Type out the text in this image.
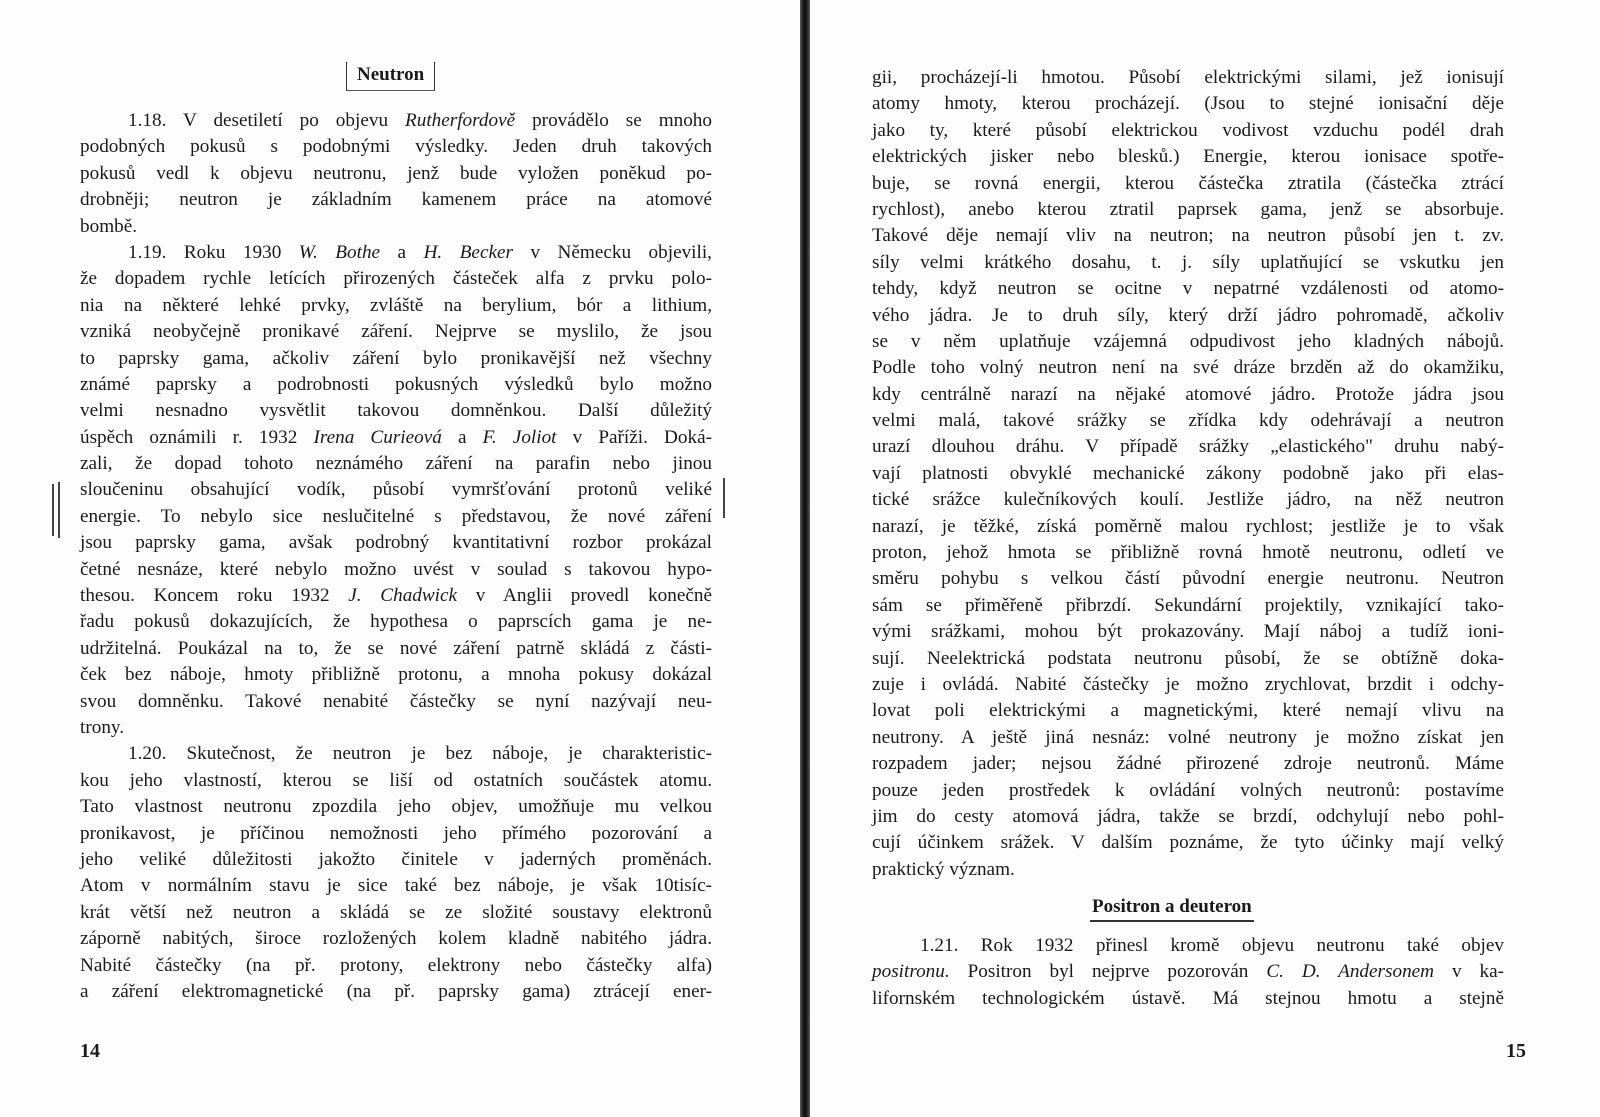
Neutron
1.18. V desetiletí po objevu Rutherfordově provádělo se mnoho
podobných pokusů s podobnými výsledky. Jeden druh takových
pokusů vedl k objevu neutronu, jenž bude vyložen poněkud po-
drobněji; neutron je základním kamenem práce na atomové
bombě.
1.19. Roku 1930 W. Bothe a H. Becker v Německu objevili,
že dopadem rychle letících přirozených částeček alfa z prvku polo-
nia na některé lehké prvky, zvláště na berylium, bór a lithium,
vzniká neobyčejně pronikavé záření. Nejprve se myslilo, že jsou
to paprsky gama, ačkoliv záření bylo pronikavější než všechny
známé paprsky a podrobnosti pokusných výsledků bylo možno
velmi nesnadno vysvětlit takovou domněnkou. Další důležitý
úspěch oznámili r. 1932 Irena Curieová a F. Joliot v Paříži. Doká-
zali, že dopad tohoto neznámého záření na parafin nebo jinou
sloučeninu obsahující vodík, působí vymršťování protonů veliké
energie. To nebylo sice neslučitelné s představou, že nové záření
jsou paprsky gama, avšak podrobný kvantitativní rozbor prokázal
četné nesnáze, které nebylo možno uvést v soulad s takovou hypo-
thesou. Koncem roku 1932 J. Chadwick v Anglii provedl konečně
řadu pokusů dokazujících, že hypothesa o paprscích gama je ne-
udržitelná. Poukázal na to, že se nové záření patrně skládá z části-
ček bez náboje, hmoty přibližně protonu, a mnoha pokusy dokázal
svou domněnku. Takové nenabité částečky se nyní nazývají neu-
trony.
1.20. Skutečnost, že neutron je bez náboje, je charakteristic-
kou jeho vlastností, kterou se liší od ostatních součástek atomu.
Tato vlastnost neutronu zpozdila jeho objev, umožňuje mu velkou
pronikavost, je příčinou nemožnosti jeho přímého pozorování a
jeho veliké důležitosti jakožto činitele v jaderných proměnách.
Atom v normálním stavu je sice také bez náboje, je však 10tisíc-
krát větší než neutron a skládá se ze složité soustavy elektronů
záporně nabitých, široce rozložených kolem kladně nabitého jádra.
Nabité částečky (na př. protony, elektrony nebo částečky alfa)
a záření elektromagnetické (na př. paprsky gama) ztrácejí ener-
14
gii, procházejí-li hmotou. Působí elektrickými silami, jež ionisují
atomy hmoty, kterou procházejí. (Jsou to stejné ionisační děje
jako ty, které působí elektrickou vodivost vzduchu podél drah
elektrických jisker nebo blesků.) Energie, kterou ionisace spotře-
buje, se rovná energii, kterou částečka ztratila (částečka ztrácí
rychlost), anebo kterou ztratil paprsek gama, jenž se absorbuje.
Takové děje nemají vliv na neutron; na neutron působí jen t. zv.
síly velmi krátkého dosahu, t. j. síly uplatňující se vskutku jen
tehdy, když neutron se ocitne v nepatrné vzdálenosti od atomo-
vého jádra. Je to druh síly, který drží jádro pohromadě, ačkoliv
se v něm uplatňuje vzájemná odpudivost jeho kladných nábojů.
Podle toho volný neutron není na své dráze brzděn až do okamžiku,
kdy centrálně narazí na nějaké atomové jádro. Protože jádra jsou
velmi malá, takové srážky se zřídka kdy odehrávají a neutron
urazí dlouhou dráhu. V případě srážky „elastického" druhu nabý-
vají platnosti obvyklé mechanické zákony podobně jako při elas-
tické srážce kulečníkových koulí. Jestliže jádro, na něž neutron
narazí, je těžké, získá poměrně malou rychlost; jestliže je to však
proton, jehož hmota se přibližně rovná hmotě neutronu, odletí ve
směru pohybu s velkou částí původní energie neutronu. Neutron
sám se přiměřeně přibrzdí. Sekundární projektily, vznikající tako-
vými srážkami, mohou být prokazovány. Mají náboj a tudíž ioni-
sují. Neelektrická podstata neutronu působí, že se obtížně doka-
zuje i ovládá. Nabité částečky je možno zrychlovat, brzdit i odchy-
lovat poli elektrickými a magnetickými, které nemají vlivu na
neutrony. A ještě jiná nesnáz: volné neutrony je možno získat jen
rozpadem jader; nejsou žádné přirozené zdroje neutronů. Máme
pouze jeden prostředek k ovládání volných neutronů: postavíme
jim do cesty atomová jádra, takže se brzdí, odchylují nebo pohl-
cují účinkem srážek. V dalším poznáme, že tyto účinky mají velký
praktický význam.
Positron a deuteron
1.21. Rok 1932 přinesl kromě objevu neutronu také objev
positronu. Positron byl nejprve pozorován C. D. Andersonem v ka-
lifornském technologickém ústavě. Má stejnou hmotu a stejně
15
